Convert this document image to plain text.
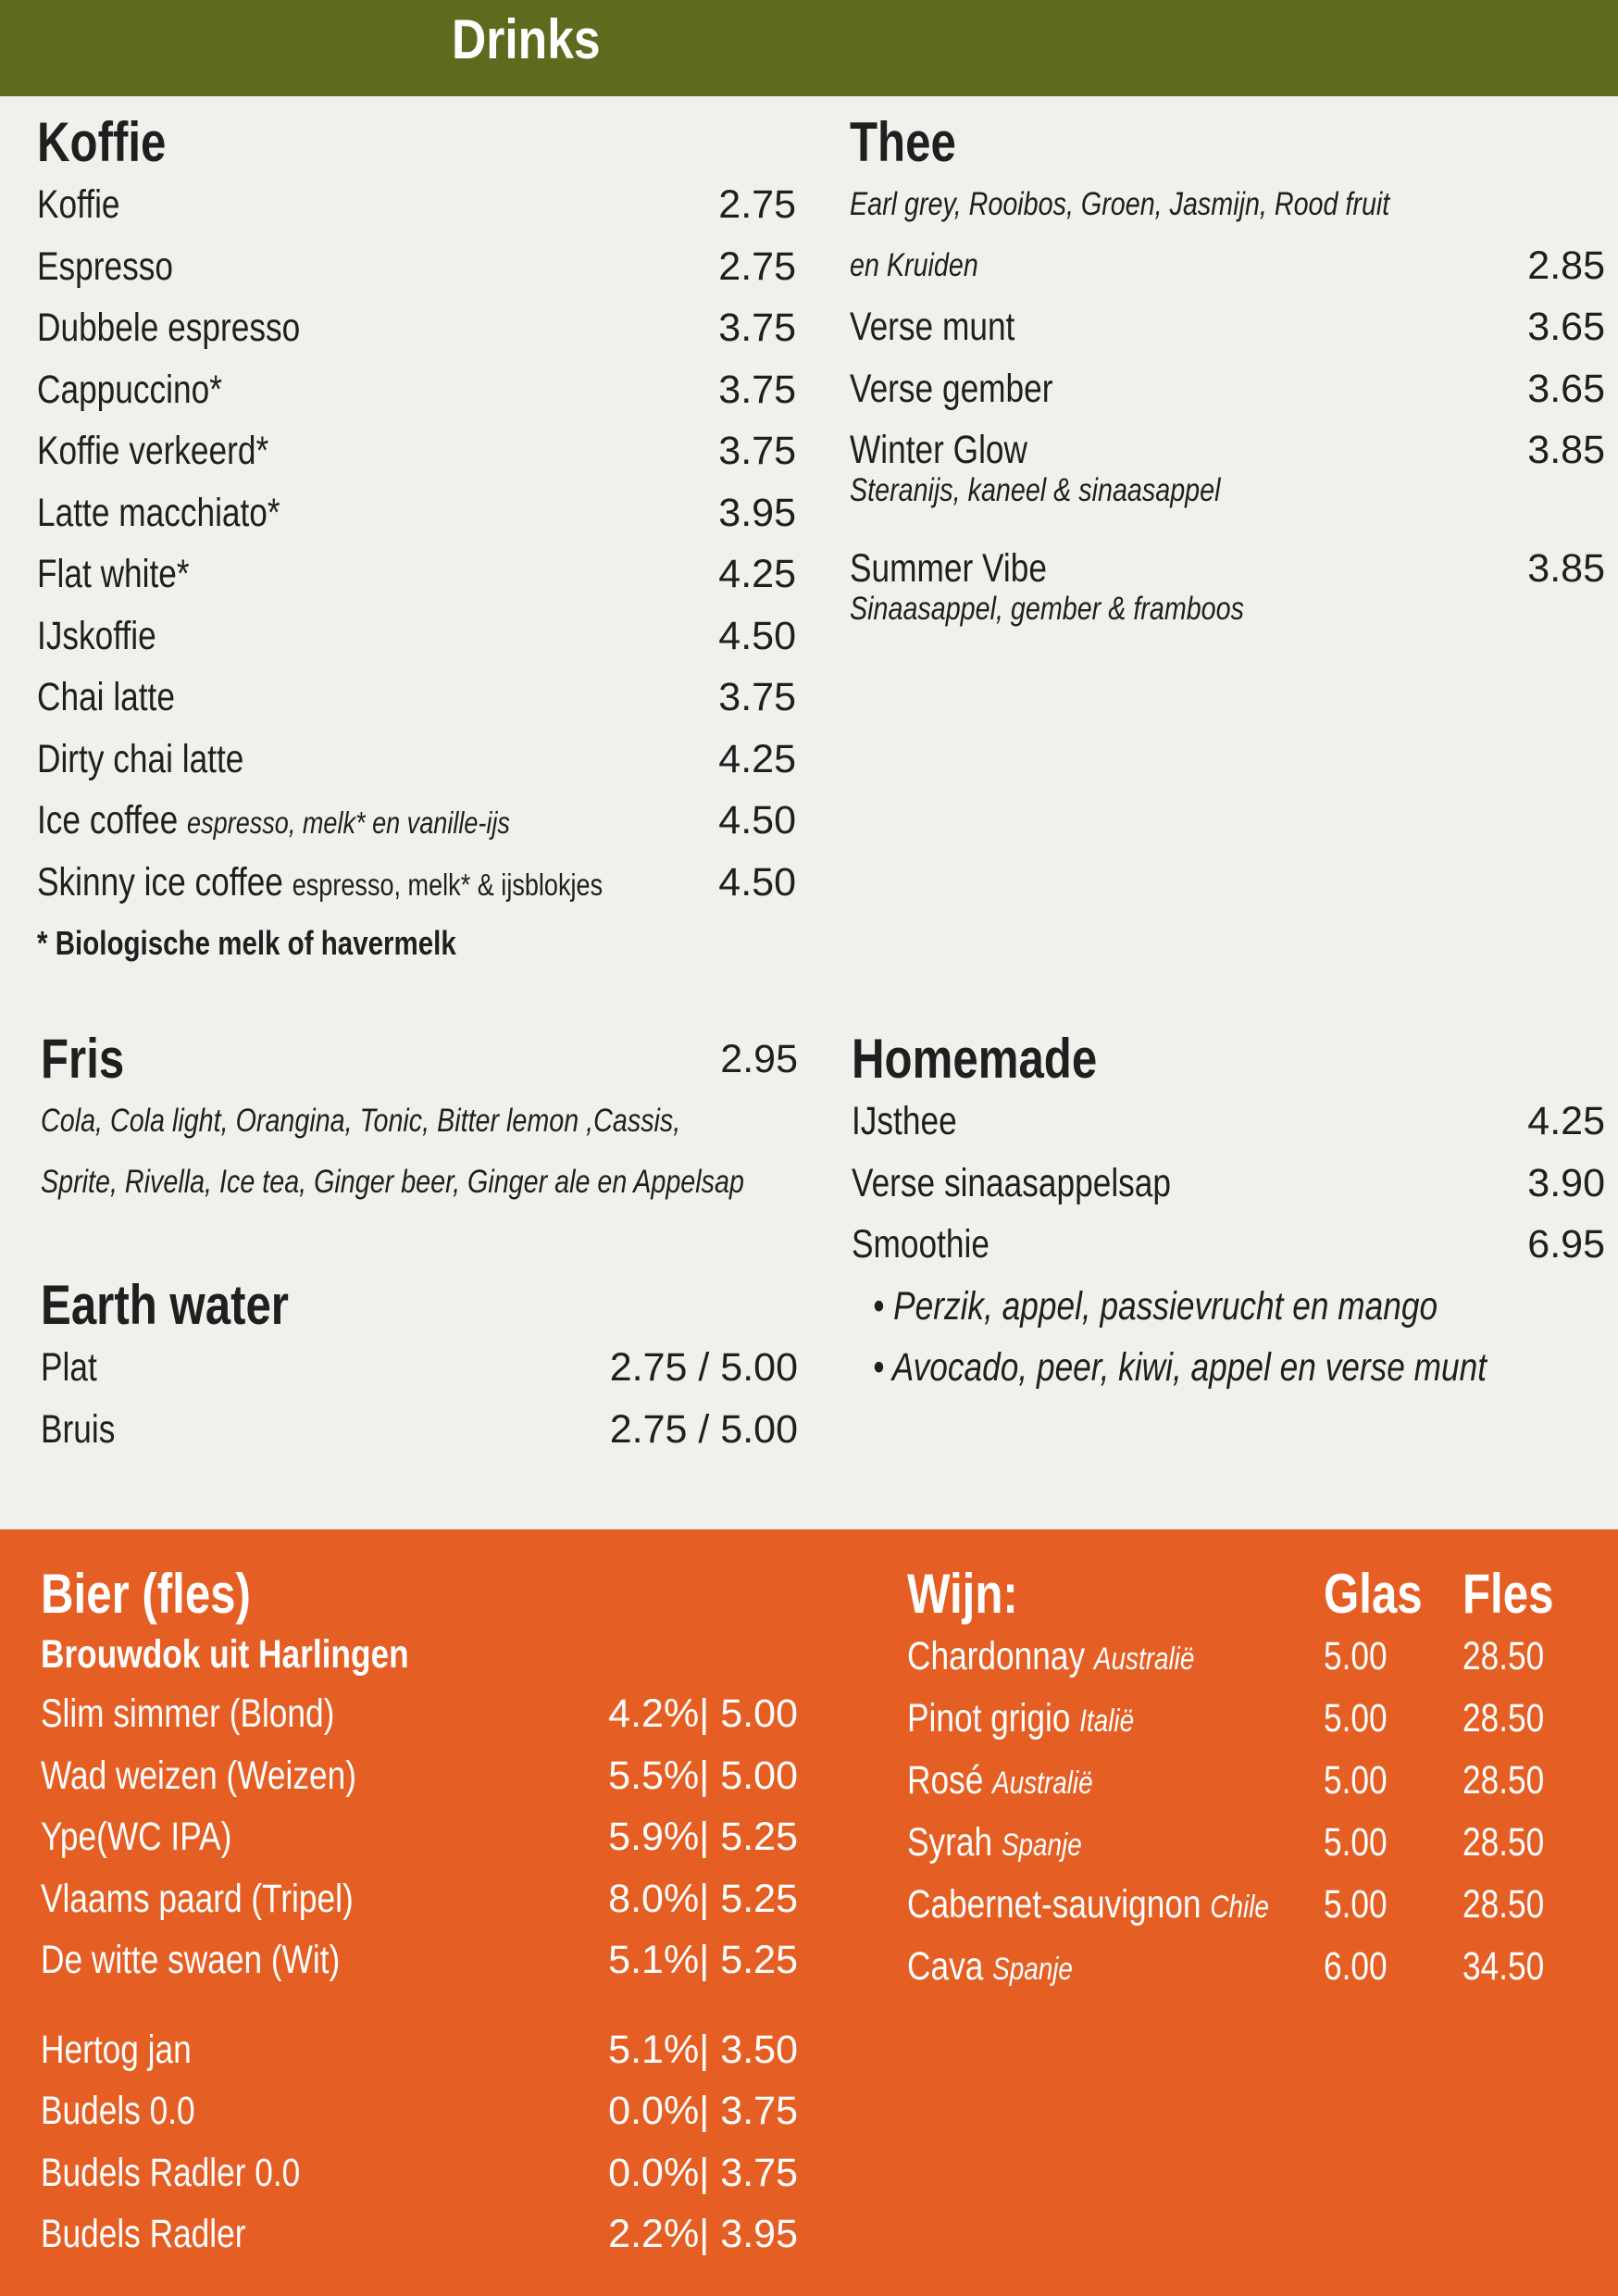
Drinks
Koffie
Koffie	2.75
Espresso	2.75
Dubbele espresso	3.75
Cappuccino*	3.75
Koffie verkeerd*	3.75
Latte macchiato*	3.95
Flat white*	4.25
IJskoffie	4.50
Chai latte	3.75
Dirty chai latte	4.25
Ice coffee espresso, melk* en vanille-ijs	4.50
Skinny ice coffee espresso, melk* & ijsblokjes	4.50
* Biologische melk of havermelk
Thee
Earl grey, Rooibos, Groen, Jasmijn, Rood fruit
en Kruiden	2.85
Verse munt	3.65
Verse gember	3.65
Winter Glow	3.85
Steranijs, kaneel & sinaasappel
Summer Vibe	3.85
Sinaasappel, gember & framboos
Fris	2.95
Cola, Cola light, Orangina, Tonic, Bitter lemon ,Cassis,
Sprite, Rivella, Ice tea, Ginger beer, Ginger ale en Appelsap
Earth water
Plat	2.75 / 5.00
Bruis	2.75 / 5.00
Homemade
IJsthee	4.25
Verse sinaasappelsap	3.90
Smoothie	6.95
• Perzik, appel, passievrucht en mango
• Avocado, peer, kiwi, appel en verse munt
Bier (fles)
Brouwdok uit Harlingen
Slim simmer (Blond)	4.2%| 5.00
Wad weizen (Weizen)	5.5%| 5.00
Ype(WC IPA)	5.9%| 5.25
Vlaams paard (Tripel)	8.0%| 5.25
De witte swaen (Wit)	5.1%| 5.25
Hertog jan	5.1%| 3.50
Budels 0.0	0.0%| 3.75
Budels Radler 0.0	0.0%| 3.75
Budels Radler	2.2%| 3.95
Wijn:	Glas Fles
Chardonnay Australië	5.00 28.50
Pinot grigio Italië	5.00 28.50
Rosé Australië	5.00 28.50
Syrah Spanje	5.00 28.50
Cabernet-sauvignon Chile 5.00 28.50
Cava Spanje	6.00 34.50
